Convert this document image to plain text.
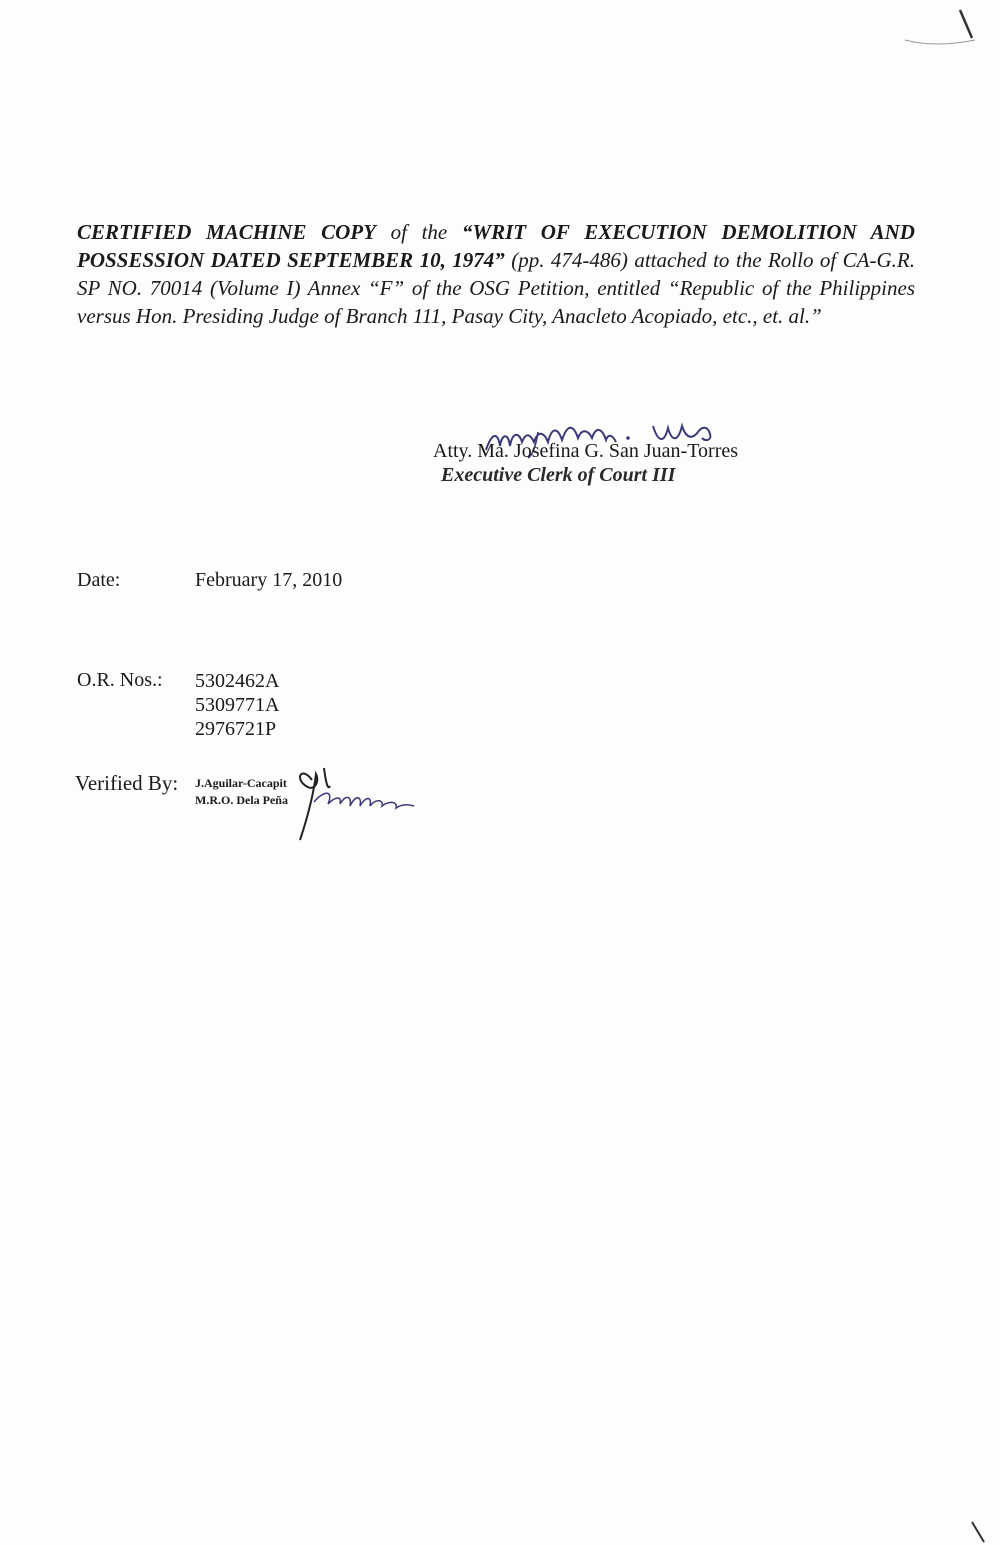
CERTIFIED MACHINE COPY of the “WRIT OF EXECUTION DEMOLITION AND POSSESSION DATED SEPTEMBER 10, 1974” (pp. 474-486) attached to the Rollo of CA-G.R. SP NO. 70014 (Volume I) Annex “F” of the OSG Petition, entitled “Republic of the Philippines versus Hon. Presiding Judge of Branch 111, Pasay City, Anacleto Acopiado, etc., et. al.”
Atty. Ma. Josefina G. San Juan-Torres
Executive Clerk of Court III
Date:	February 17, 2010
O.R. Nos.: 5302462A
5309771A
2976721P
Verified By: J.Aguilar-Cacapit
M.R.O. Dela Peña
